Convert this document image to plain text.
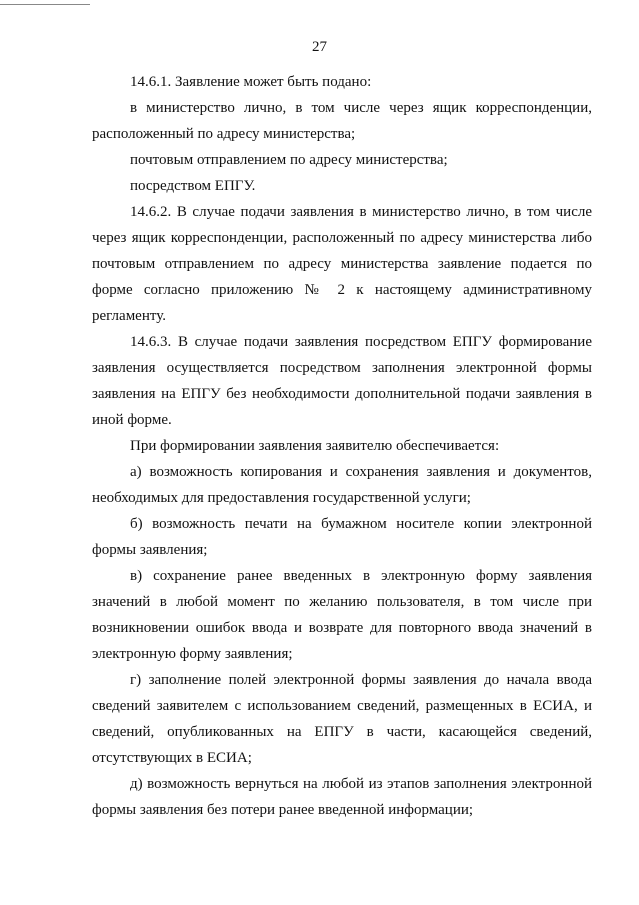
27

14.6.1. Заявление может быть подано:

в министерство лично, в том числе через ящик корреспонденции, расположенный по адресу министерства;

почтовым отправлением по адресу министерства;

посредством ЕПГУ.

14.6.2. В случае подачи заявления в министерство лично, в том числе через ящик корреспонденции, расположенный по адресу министерства либо почтовым отправлением по адресу министерства заявление подается по форме согласно приложению № 2 к настоящему административному регламенту.

14.6.3. В случае подачи заявления посредством ЕПГУ формирование заявления осуществляется посредством заполнения электронной формы заявления на ЕПГУ без необходимости дополнительной подачи заявления в иной форме.

При формировании заявления заявителю обеспечивается:

а) возможность копирования и сохранения заявления и документов, необходимых для предоставления государственной услуги;

б) возможность печати на бумажном носителе копии электронной формы заявления;

в) сохранение ранее введенных в электронную форму заявления значений в любой момент по желанию пользователя, в том числе при возникновении ошибок ввода и возврате для повторного ввода значений в электронную форму заявления;

г) заполнение полей электронной формы заявления до начала ввода сведений заявителем с использованием сведений, размещенных в ЕСИА, и сведений, опубликованных на ЕПГУ в части, касающейся сведений, отсутствующих в ЕСИА;

д) возможность вернуться на любой из этапов заполнения электронной формы заявления без потери ранее введенной информации;
